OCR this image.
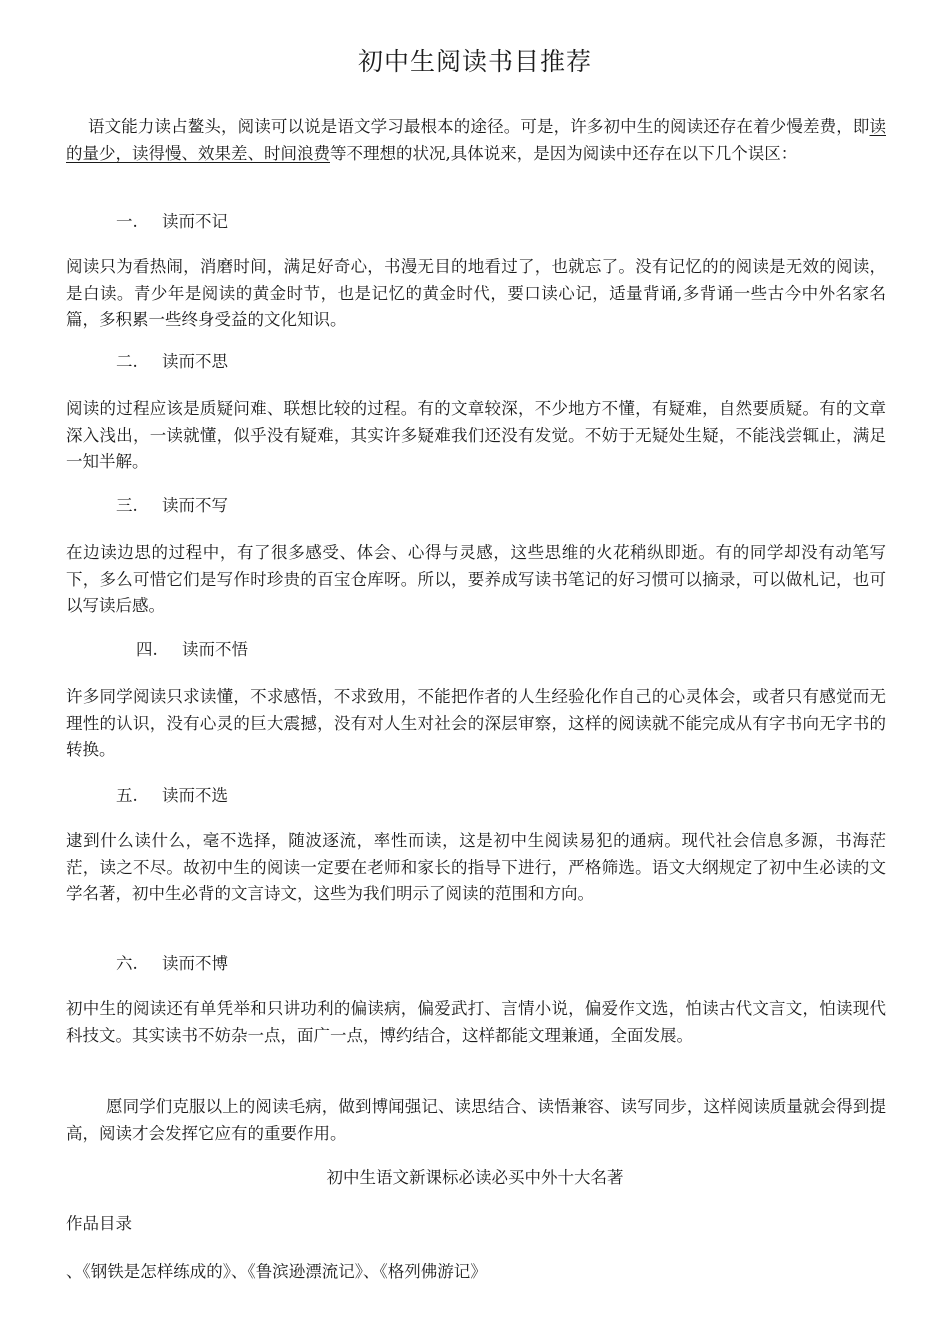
初中生阅读书目推荐

语文能力读占鳌头，阅读可以说是语文学习最根本的途径。可是，许多初中生的阅读还存在着少慢差费，即读的量少，读得慢、效果差、时间浪费等不理想的状况,具体说来，是因为阅读中还存在以下几个误区：

一. 读而不记

阅读只为看热闹，消磨时间，满足好奇心，书漫无目的地看过了，也就忘了。没有记忆的的阅读是无效的阅读，是白读。青少年是阅读的黄金时节，也是记忆的黄金时代，要口读心记，适量背诵,多背诵一些古今中外名家名篇，多积累一些终身受益的文化知识。

二. 读而不思

阅读的过程应该是质疑问难、联想比较的过程。有的文章较深，不少地方不懂，有疑难，自然要质疑。有的文章深入浅出，一读就懂，似乎没有疑难，其实许多疑难我们还没有发觉。不妨于无疑处生疑，不能浅尝辄止，满足一知半解。

三. 读而不写

在边读边思的过程中，有了很多感受、体会、心得与灵感，这些思维的火花稍纵即逝。有的同学却没有动笔写下，多么可惜它们是写作时珍贵的百宝仓库呀。所以，要养成写读书笔记的好习惯可以摘录，可以做札记，也可以写读后感。

四. 读而不悟

许多同学阅读只求读懂，不求感悟，不求致用，不能把作者的人生经验化作自己的心灵体会，或者只有感觉而无理性的认识，没有心灵的巨大震撼，没有对人生对社会的深层审察，这样的阅读就不能完成从有字书向无字书的转换。

五. 读而不选

逮到什么读什么，毫不选择，随波逐流，率性而读，这是初中生阅读易犯的通病。现代社会信息多源，书海茫茫，读之不尽。故初中生的阅读一定要在老师和家长的指导下进行，严格筛选。语文大纲规定了初中生必读的文学名著，初中生必背的文言诗文，这些为我们明示了阅读的范围和方向。

六. 读而不博

初中生的阅读还有单凭举和只讲功利的偏读病，偏爱武打、言情小说，偏爱作文选，怕读古代文言文，怕读现代科技文。其实读书不妨杂一点，面广一点，博约结合，这样都能文理兼通，全面发展。

愿同学们克服以上的阅读毛病，做到博闻强记、读思结合、读悟兼容、读写同步，这样阅读质量就会得到提高，阅读才会发挥它应有的重要作用。

初中生语文新课标必读必买中外十大名著

作品目录

、《钢铁是怎样练成的》、《鲁滨逊漂流记》、《格列佛游记》
